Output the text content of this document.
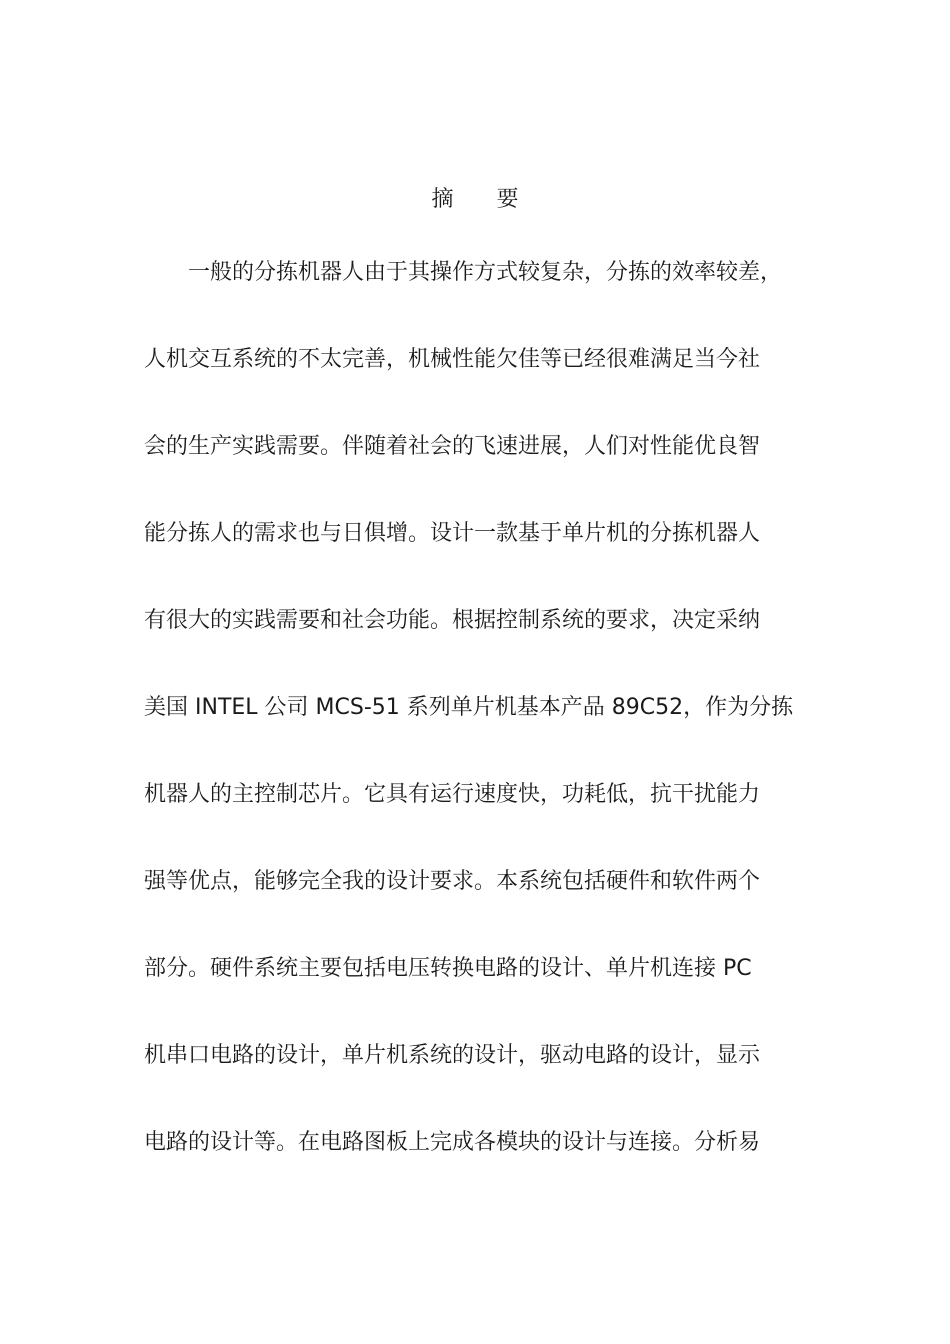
摘 要
一般的分拣机器人由于其操作方式较复杂，分拣的效率较差，
人机交互系统的不太完善，机械性能欠佳等已经很难满足当今社
会的生产实践需要。伴随着社会的飞速进展，人们对性能优良智
能分拣人的需求也与日俱增。设计一款基于单片机的分拣机器人
有很大的实践需要和社会功能。根据控制系统的要求，决定采纳
美国 INTEL 公司 MCS-51 系列单片机基本产品 89C52，作为分拣
机器人的主控制芯片。它具有运行速度快，功耗低，抗干扰能力
强等优点，能够完全我的设计要求。本系统包括硬件和软件两个
部分。硬件系统主要包括电压转换电路的设计、单片机连接 PC
机串口电路的设计，单片机系统的设计，驱动电路的设计，显示
电路的设计等。在电路图板上完成各模块的设计与连接。分析易
